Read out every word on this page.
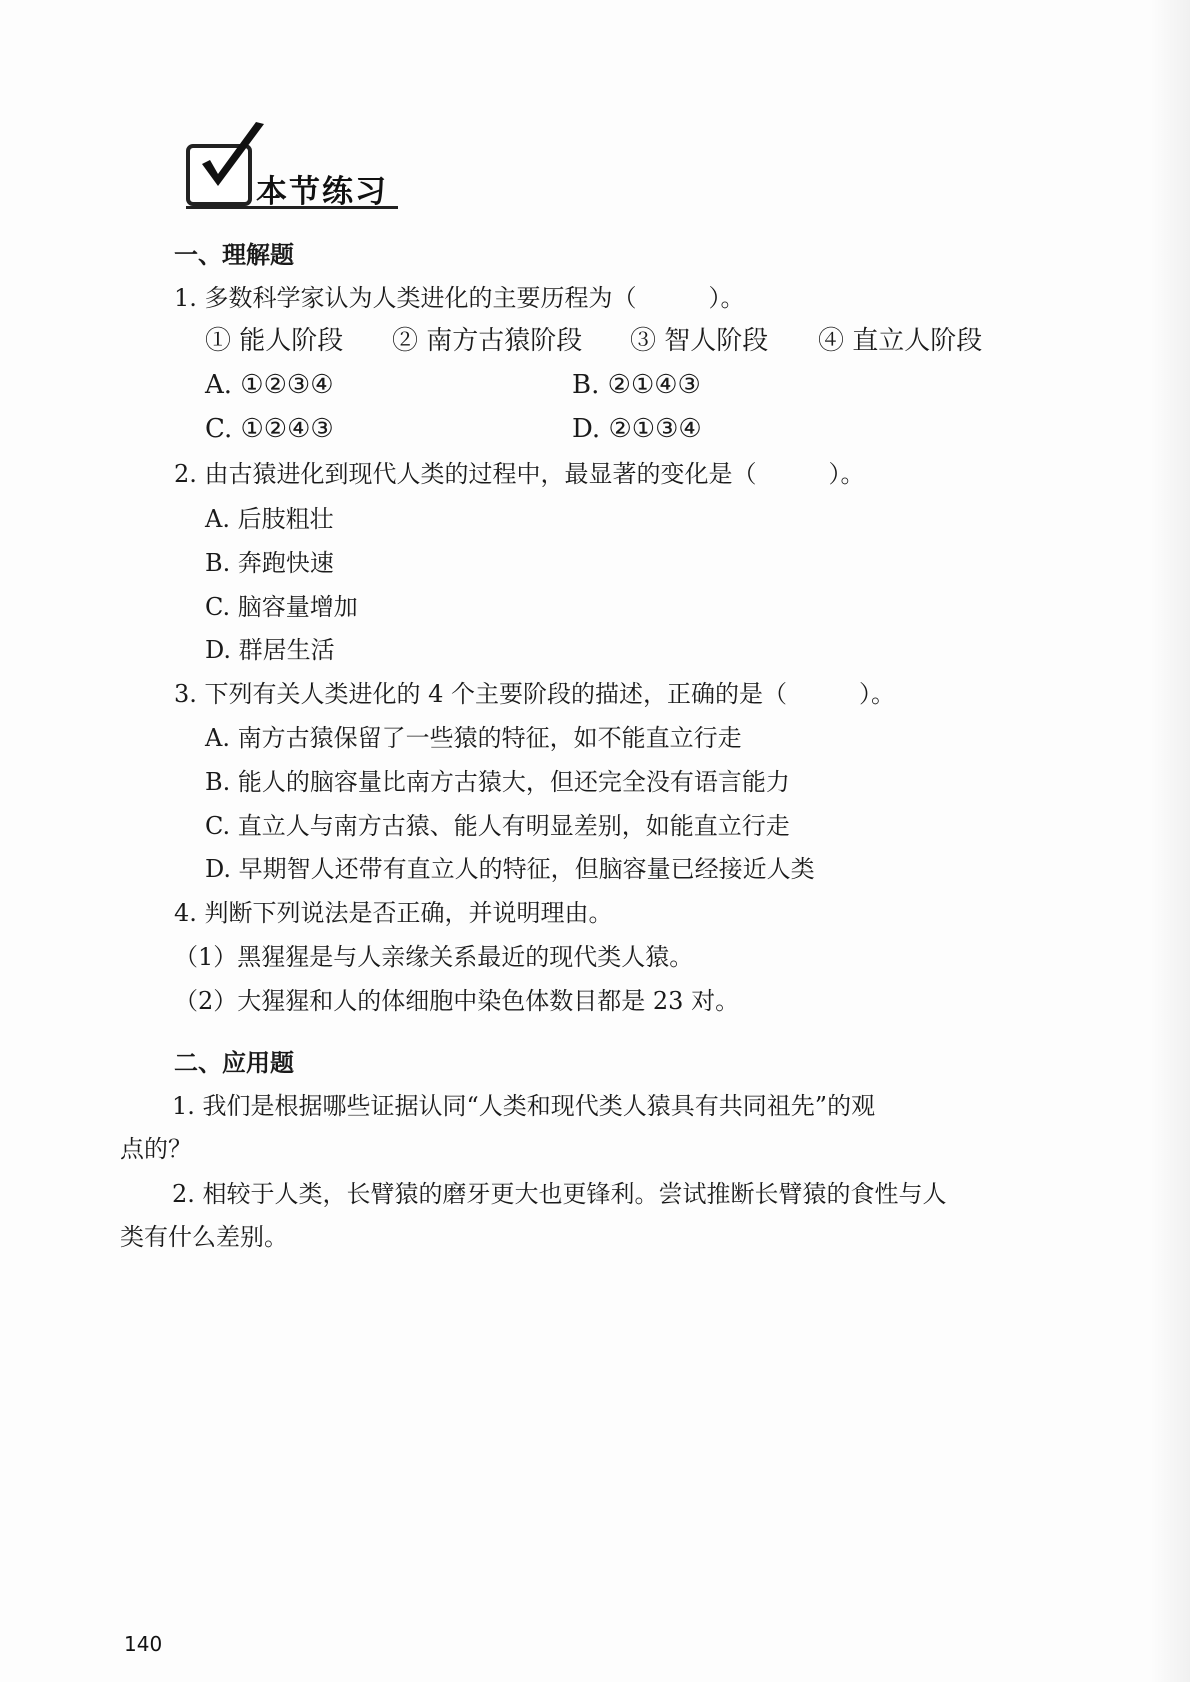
本节练习
一、理解题
1. 多数科学家认为人类进化的主要历程为（　　　）。
① 能人阶段 ② 南方古猿阶段 ③ 智人阶段 ④ 直立人阶段
A. ①②③④	B. ②①④③
C. ①②④③	D. ②①③④
2. 由古猿进化到现代人类的过程中，最显著的变化是（　　　）。
A. 后肢粗壮
B. 奔跑快速
C. 脑容量增加
D. 群居生活
3. 下列有关人类进化的 4 个主要阶段的描述，正确的是（　　　）。
A. 南方古猿保留了一些猿的特征，如不能直立行走
B. 能人的脑容量比南方古猿大，但还完全没有语言能力
C. 直立人与南方古猿、能人有明显差别，如能直立行走
D. 早期智人还带有直立人的特征，但脑容量已经接近人类
4. 判断下列说法是否正确，并说明理由。
（1）黑猩猩是与人亲缘关系最近的现代类人猿。
（2）大猩猩和人的体细胞中染色体数目都是 23 对。
二、应用题
1. 我们是根据哪些证据认同“人类和现代类人猿具有共同祖先”的观
点的？
2. 相较于人类，长臂猿的磨牙更大也更锋利。尝试推断长臂猿的食性与人
类有什么差别。
140
